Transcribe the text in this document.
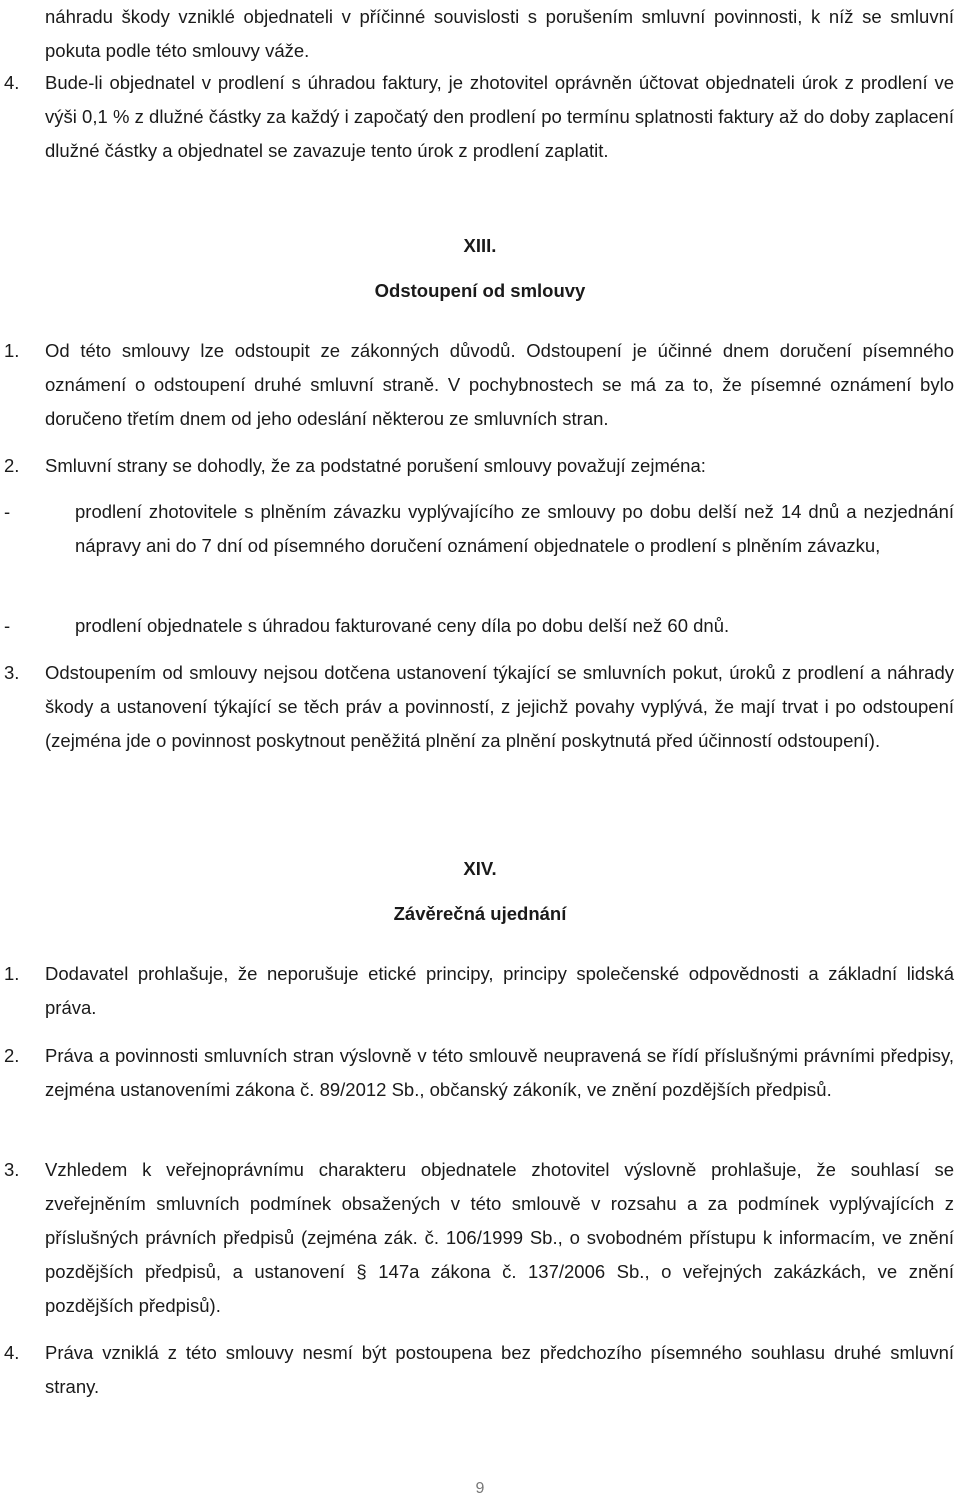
náhradu škody vzniklé objednateli v příčinné souvislosti s porušením smluvní povinnosti, k níž se smluvní pokuta podle této smlouvy váže.
4. Bude-li objednatel v prodlení s úhradou faktury, je zhotovitel oprávněn účtovat objednateli úrok z prodlení ve výši 0,1 % z dlužné částky za každý i započatý den prodlení po termínu splatnosti faktury až do doby zaplacení dlužné částky a objednatel se zavazuje tento úrok z prodlení zaplatit.
XIII.
Odstoupení od smlouvy
1. Od této smlouvy lze odstoupit ze zákonných důvodů. Odstoupení je účinné dnem doručení písemného oznámení o odstoupení druhé smluvní straně. V pochybnostech se má za to, že písemné oznámení bylo doručeno třetím dnem od jeho odeslání některou ze smluvních stran.
2. Smluvní strany se dohodly, že za podstatné porušení smlouvy považují zejména:
-	prodlení zhotovitele s plněním závazku vyplývajícího ze smlouvy po dobu delší než 14 dnů a nezjednání nápravy ani do 7 dní od písemného doručení oznámení objednatele o prodlení s plněním závazku,
-	prodlení objednatele s úhradou fakturované ceny díla po dobu delší než 60 dnů.
3. Odstoupením od smlouvy nejsou dotčena ustanovení týkající se smluvních pokut, úroků z prodlení a náhrady škody a ustanovení týkající se těch práv a povinností, z jejichž povahy vyplývá, že mají trvat i po odstoupení (zejména jde o povinnost poskytnout peněžitá plnění za plnění poskytnutá před účinností odstoupení).
XIV.
Závěrečná ujednání
1. Dodavatel prohlašuje, že neporušuje etické principy, principy společenské odpovědnosti a základní lidská práva.
2. Práva a povinnosti smluvních stran výslovně v této smlouvě neupravená se řídí příslušnými právními předpisy, zejména ustanoveními zákona č. 89/2012 Sb., občanský zákoník, ve znění pozdějších předpisů.
3. Vzhledem k veřejnoprávnímu charakteru objednatele zhotovitel výslovně prohlašuje, že souhlasí se zveřejněním smluvních podmínek obsažených v této smlouvě v rozsahu a za podmínek vyplývajících z příslušných právních předpisů (zejména zák. č. 106/1999 Sb., o svobodném přístupu k informacím, ve znění pozdějších předpisů, a ustanovení § 147a zákona č. 137/2006 Sb., o veřejných zakázkách, ve znění pozdějších předpisů).
4. Práva vzniklá z této smlouvy nesmí být postoupena bez předchozího písemného souhlasu druhé smluvní strany.
9
